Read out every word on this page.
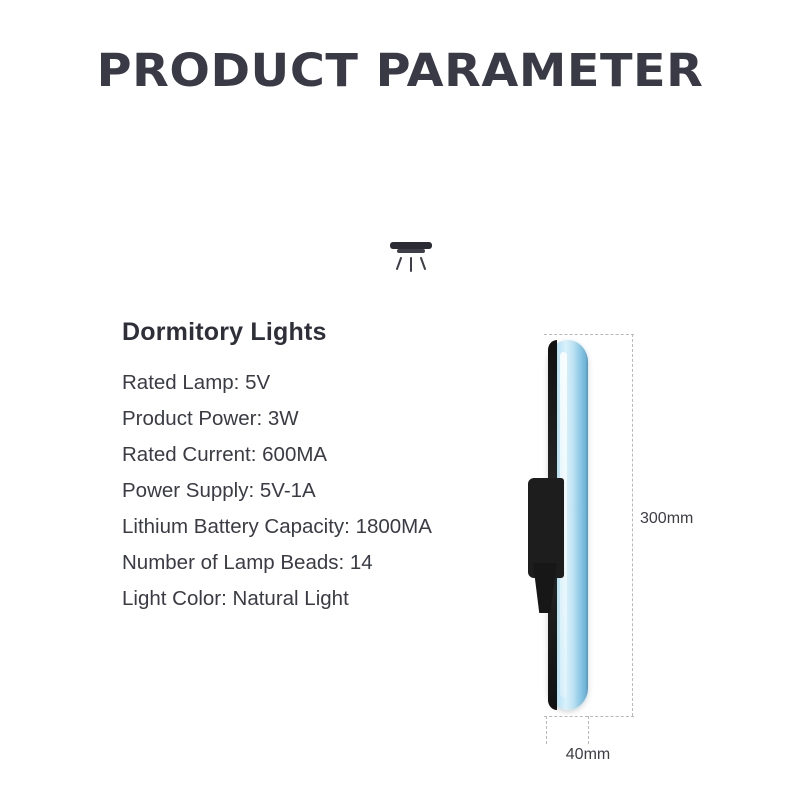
PRODUCT PARAMETER
Dormitory Lights
Rated Lamp: 5V
Product Power: 3W
Rated Current: 600MA
Power Supply: 5V-1A
Lithium Battery Capacity: 1800MA
Number of Lamp Beads: 14
Light Color: Natural Light
300mm
40mm
